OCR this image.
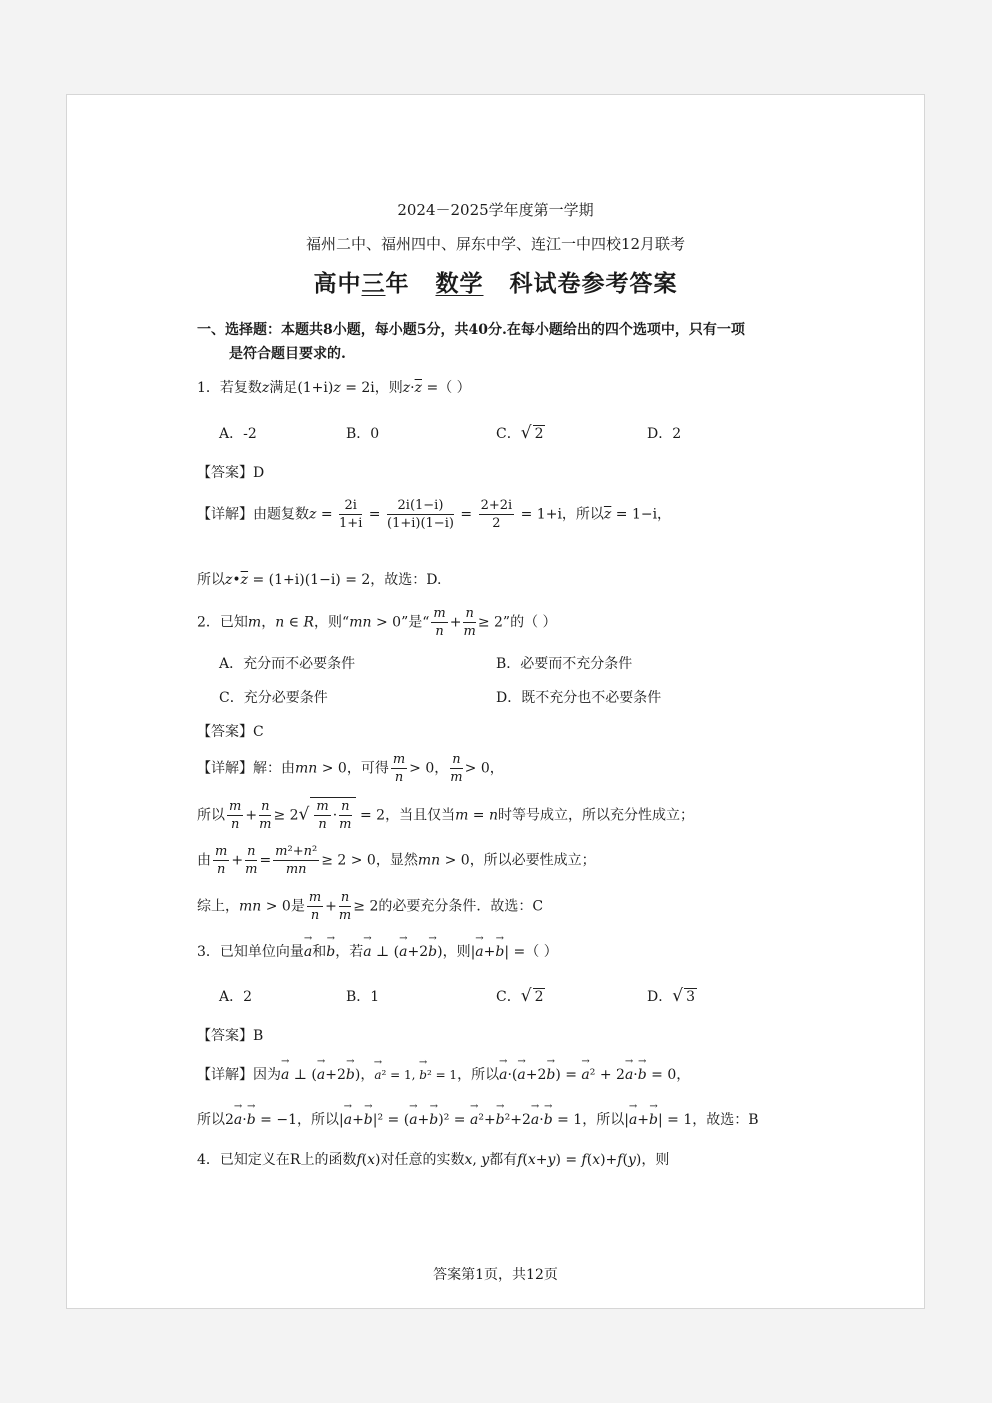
2024－2025学年度第一学期
福州二中、福州四中、屏东中学、连江一中四校12月联考
高中三年 数学 科试卷参考答案
一、选择题：本题共8小题，每小题5分，共40分.在每小题给出的四个选项中，只有一项
是符合题目要求的.
1．若复数z满足(1+i)z = 2i，则$z\cdot\overline{z}$ =（ ）
A．-2	B．0	C．√ 2	D．2
【答案】D
【详解】由题复数$z = \frac{2i}{1+i} = \frac{2i(1-i)}{(1+i)(1-i)} = \frac{2+2i}{2} = 1+i$，所以$\overline{z} = 1-i$，
所以$z•\overline{z} = (1+i)(1-i) = 2$，故选：D.
2．已知m，n ∈ R，则“mn > 0”是“ $\frac{m}{n} + \frac{n}{m} \ge 2$”的（ ）
A．充分而不必要条件	B．必要而不充分条件
C．充分必要条件	D．既不充分也不必要条件
【答案】C
【详解】解：由mn > 0，可得 $\frac{m}{n} > 0$， $\frac{n}{m} > 0$，
所以 $\frac{m}{n} + \frac{n}{m} \ge 2√ \frac{m}{n} \cdot \frac{n}{m} = 2$，当且仅当m = n时等号成立，所以充分性成立；
由 $\frac{m}{n} + \frac{n}{m} = \frac{\text{m²+n²}}{mn} \ge 2 > 0$，显然mn > 0，所以必要性成立；
综上，mn > 0是 $\frac{m}{n} + \frac{n}{m} \ge 2$的必要充分条件．故选：C
3．已知单位向量→ a和→ b，若→ a ⊥ (→ a+2→ b)，则|→ a+→ b| =（ ）
A．2	B．1	C．√ 2	D．√ 3
【答案】B
【详解】因为→ a ⊥ (→ a+2→ b)，→ a² = 1, → b² = 1，所以→ a·(→ a+2→ b) = → a² + 2→ a·→ b = 0，
所以2→ a·→ b = −1，所以|→ a+→ b|² = (→ a+→ b)² = → a²+→ b²+2→ a·→ b = 1，所以|→ a+→ b| = 1，故选：B
4．已知定义在R上的函数f(x)对任意的实数x, y都有f(x+y) = f(x)+f(y)，则
答案第1页，共12页
